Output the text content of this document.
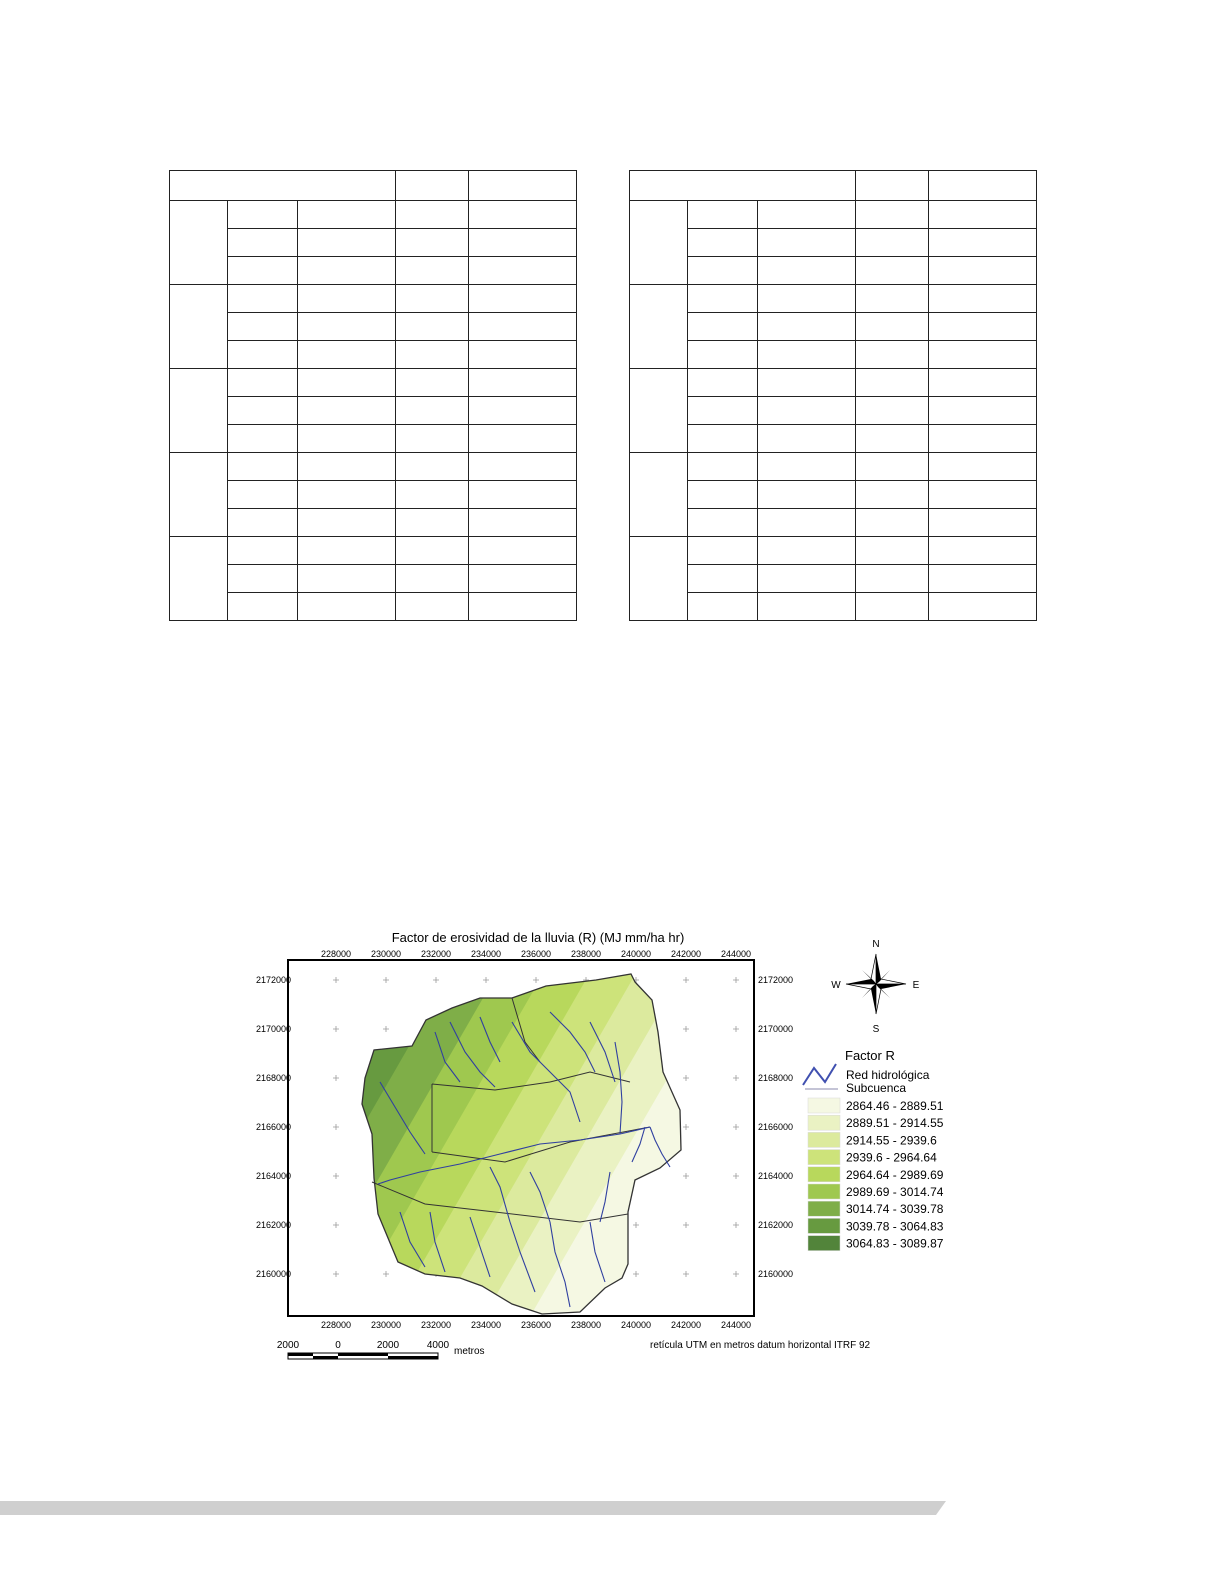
Factor de erosividad de la lluvia (R) (MJ mm/ha hr)
228000 230000 232000 234000 236000 238000 240000 242000 244000
228000 230000 232000 234000 236000 238000 240000 242000 244000
2172000
2170000
2168000
2166000
2164000
2162000
2160000
2172000
2170000
2168000
2166000
2164000
2162000
2160000
N
S
E
W
Factor R
Red hidrológica
Subcuenca
2864.46 - 2889.51
2889.51 - 2914.55
2914.55 - 2939.6
2939.6 - 2964.64
2964.64 - 2989.69
2989.69 - 3014.74
3014.74 - 3039.78
3039.78 - 3064.83
3064.83 - 3089.87
2000	0	2000	4000
metros
retícula UTM en metros datum horizontal ITRF 92
